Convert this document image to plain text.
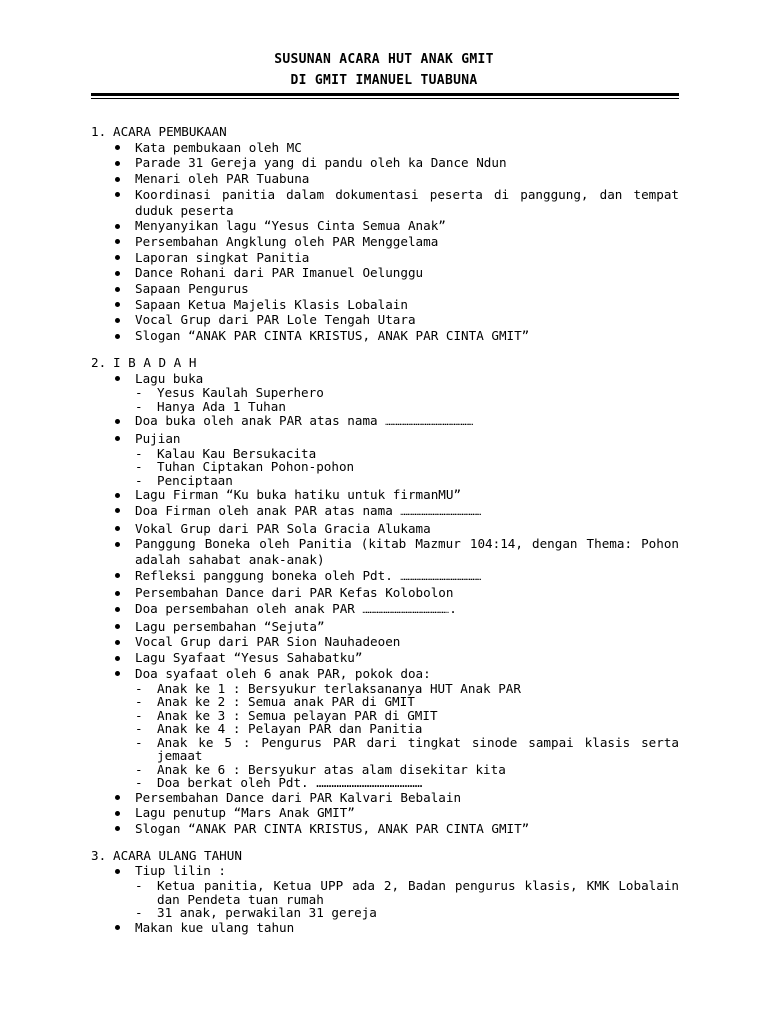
SUSUNAN ACARA HUT ANAK GMIT
DI GMIT IMANUEL TUABUNA
1. ACARA PEMBUKAAN
Kata pembukaan oleh MC
Parade 31 Gereja yang di pandu oleh ka Dance Ndun
Menari oleh PAR Tuabuna
Koordinasi panitia dalam dokumentasi peserta di panggung, dan tempat duduk peserta
Menyanyikan lagu “Yesus Cinta Semua Anak”
Persembahan Angklung oleh PAR Menggelama
Laporan singkat Panitia
Dance Rohani dari PAR Imanuel Oelunggu
Sapaan Pengurus
Sapaan Ketua Majelis Klasis Lobalain
Vocal Grup dari PAR Lole Tengah Utara
Slogan “ANAK PAR CINTA KRISTUS, ANAK PAR CINTA GMIT”
2. I B A D A H
Lagu buka
- Yesus Kaulah Superhero
- Hanya Ada 1 Tuhan
Doa buka oleh anak PAR atas nama ………………………………………………………………
Pujian
- Kalau Kau Bersukacita
- Tuhan Ciptakan Pohon-pohon
- Penciptaan
Lagu Firman “Ku buka hatiku untuk firmanMU”
Doa Firman oleh anak PAR atas nama …………………………………………………………
Vokal Grup dari PAR Sola Gracia Alukama
Panggung Boneka oleh Panitia (kitab Mazmur 104:14, dengan Thema: Pohon adalah sahabat anak-anak)
Refleksi panggung boneka oleh Pdt. …………………………………………………………
Persembahan Dance dari PAR Kefas Kolobolon
Doa persembahan oleh anak PAR ……………………………………………………………..
Lagu persembahan “Sejuta”
Vocal Grup dari PAR Sion Nauhadeoen
Lagu Syafaat “Yesus Sahabatku”
Doa syafaat oleh 6 anak PAR, pokok doa:
- Anak ke 1 : Bersyukur terlaksananya HUT Anak PAR
- Anak ke 2 : Semua anak PAR di GMIT
- Anak ke 3 : Semua pelayan PAR di GMIT
- Anak ke 4 : Pelayan PAR dan Panitia
- Anak ke 5 : Pengurus PAR dari tingkat sinode sampai klasis serta jemaat
- Anak ke 6 : Bersyukur atas alam disekitar kita
- Doa berkat oleh Pdt. ……………………………………
Persembahan Dance dari PAR Kalvari Bebalain
Lagu penutup “Mars Anak GMIT”
Slogan “ANAK PAR CINTA KRISTUS, ANAK PAR CINTA GMIT”
3. ACARA ULANG TAHUN
Tiup lilin :
- Ketua panitia, Ketua UPP ada 2, Badan pengurus klasis, KMK Lobalain dan Pendeta tuan rumah
- 31 anak, perwakilan 31 gereja
Makan kue ulang tahun
